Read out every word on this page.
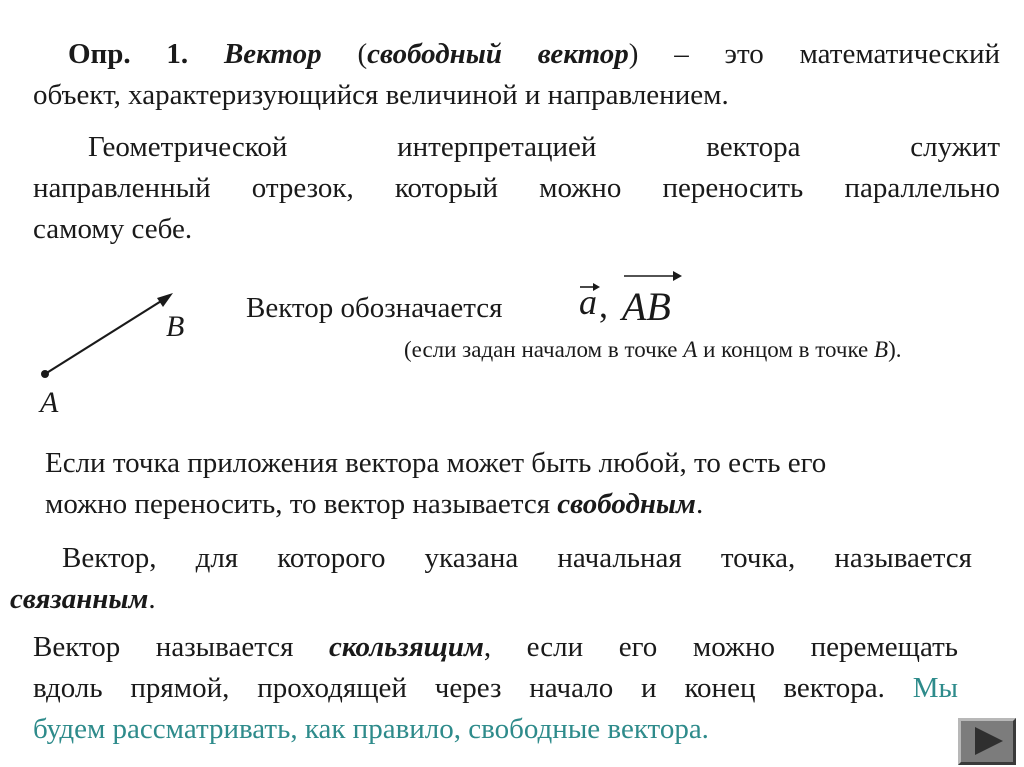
Опр. 1. Вектор (свободный вектор) – это математический
объект, характеризующийся величиной и направлением.
Геометрической интерпретацией вектора служит
направленный отрезок, который можно переносить параллельно
самому себе.
B
A
Вектор обозначается a , AB
(если задан началом в точке A и концом в точке B).
Если точка приложения вектора может быть любой, то есть его
можно переносить, то вектор называется свободным.
Вектор, для которого указана начальная точка, называется
связанным.
Вектор называется скользящим, если его можно перемещать
вдоль прямой, проходящей через начало и конец вектора. Мы
будем рассматривать, как правило, свободные вектора.
